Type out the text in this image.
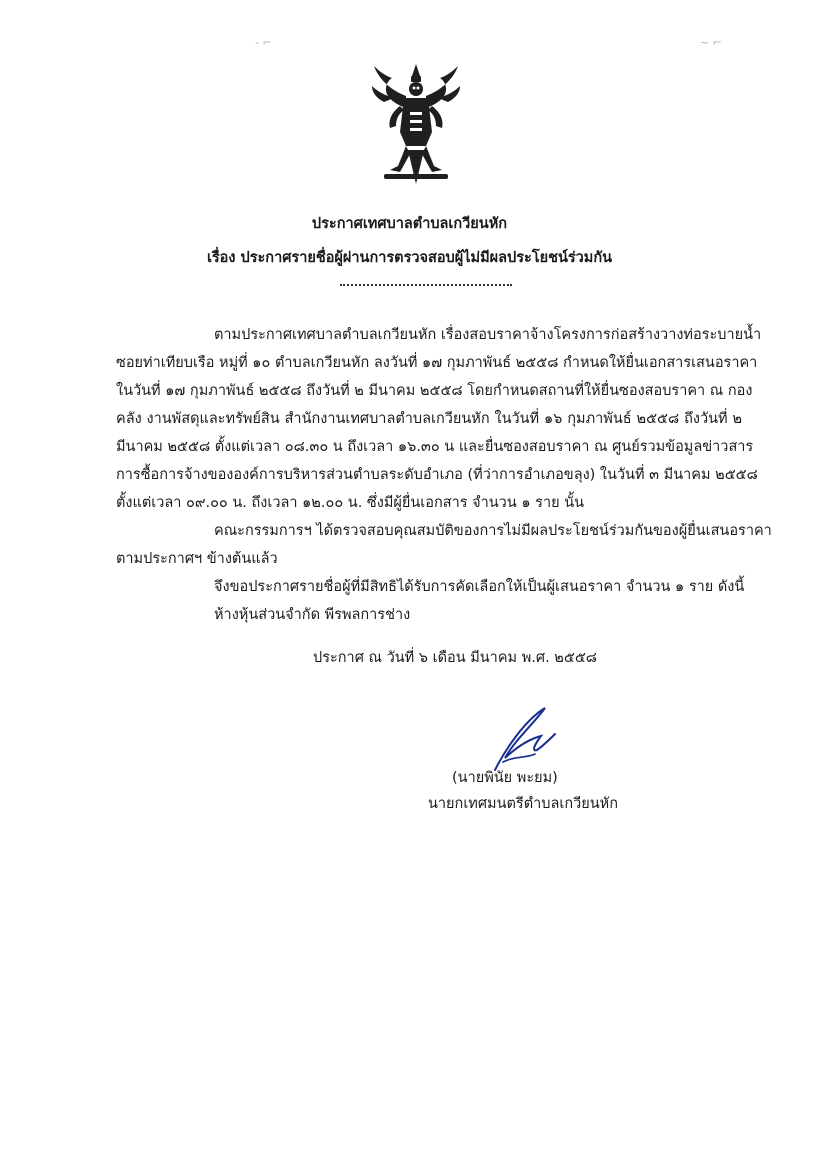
- ⌐	~ ⌐
ประกาศเทศบาลตำบลเกวียนหัก
เรื่อง ประกาศรายชื่อผู้ผ่านการตรวจสอบผู้ไม่มีผลประโยชน์ร่วมกัน
ตามประกาศเทศบาลตำบลเกวียนหัก เรื่องสอบราคาจ้างโครงการก่อสร้างวางท่อระบายน้ำ
ซอยท่าเทียบเรือ หมู่ที่ ๑๐ ตำบลเกวียนหัก ลงวันที่ ๑๗ กุมภาพันธ์ ๒๕๕๘ กำหนดให้ยื่นเอกสารเสนอราคา
ในวันที่ ๑๗ กุมภาพันธ์ ๒๕๕๘ ถึงวันที่ ๒ มีนาคม ๒๕๕๘ โดยกำหนดสถานที่ให้ยื่นซองสอบราคา ณ กอง
คลัง งานพัสดุและทรัพย์สิน สำนักงานเทศบาลตำบลเกวียนหัก ในวันที่ ๑๖ กุมภาพันธ์ ๒๕๕๘ ถึงวันที่ ๒
มีนาคม ๒๕๕๘ ตั้งแต่เวลา ๐๘.๓๐ น ถึงเวลา ๑๖.๓๐ น และยื่นซองสอบราคา ณ ศูนย์รวมข้อมูลข่าวสาร
การซื้อการจ้างขององค์การบริหารส่วนตำบลระดับอำเภอ (ที่ว่าการอำเภอขลุง) ในวันที่ ๓ มีนาคม ๒๕๕๘
ตั้งแต่เวลา ๐๙.๐๐ น. ถึงเวลา ๑๒.๐๐ น. ซึ่งมีผู้ยื่นเอกสาร จำนวน ๑ ราย นั้น
คณะกรรมการฯ ได้ตรวจสอบคุณสมบัติของการไม่มีผลประโยชน์ร่วมกันของผู้ยื่นเสนอราคา
ตามประกาศฯ ข้างต้นแล้ว
จึงขอประกาศรายชื่อผู้ที่มีสิทธิได้รับการคัดเลือกให้เป็นผู้เสนอราคา จำนวน ๑ ราย ดังนี้
ห้างหุ้นส่วนจำกัด พีรพลการช่าง
ประกาศ ณ วันที่ ๖ เดือน มีนาคม พ.ศ. ๒๕๕๘
(นายพินัย พะยม)
นายกเทศมนตรีตำบลเกวียนหัก
